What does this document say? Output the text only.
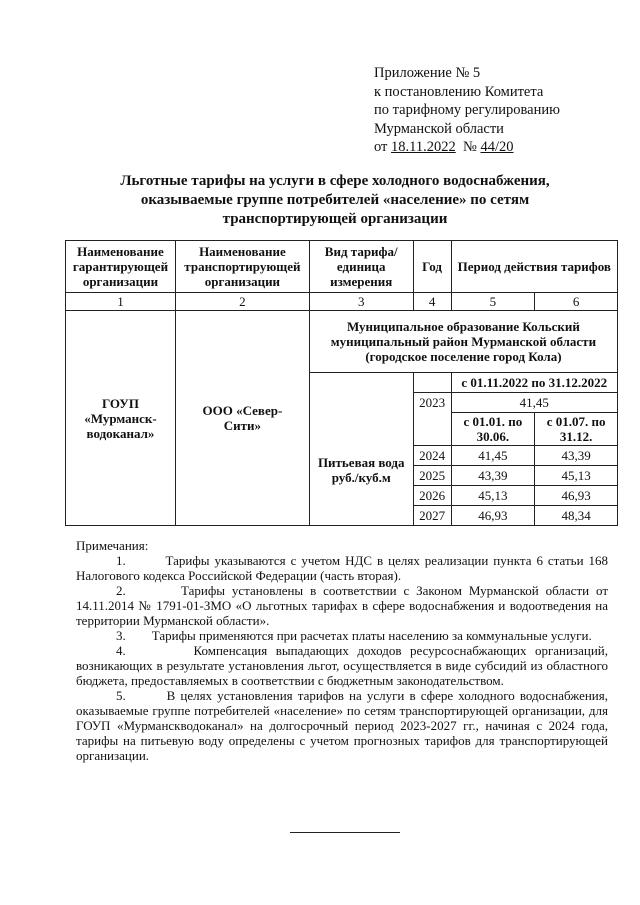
Приложение № 5
к постановлению Комитета
по тарифному регулированию
Мурманской области
от 18.11.2022  № 44/20
Льготные тарифы на услуги в сфере холодного водоснабжения,
оказываемые группе потребителей «население» по сетям
транспортирующей организации
Наименование гарантирующей организации	Наименование транспортирующей организации	Вид тарифа/ единица измерения	Год	Период действия тарифов	
1	2	3	4	5	6
ГОУП «Мурманск-водоканал»	ООО «Север-Сити»	Муниципальное образование Кольский муниципальный район Мурманской области (городское поселение город Кола)			
		Питьевая вода руб./куб.м		с 01.11.2022 по 31.12.2022	
			2023	41,45	
				с 01.01. по 30.06.	с 01.07. по 31.12.
			2024	41,45	43,39
			2025	43,39	45,13
			2026	45,13	46,93
			2027	46,93	48,34

Примечания:

1.        Тарифы указываются с учетом НДС в целях реализации пункта 6 статьи 168 Налогового кодекса Российской Федерации (часть вторая).

2.        Тарифы установлены в соответствии с Законом Мурманской области от 14.11.2014 № 1791-01-ЗМО «О льготных тарифах в сфере водоснабжения и водоотведения на территории Мурманской области».

3.        Тарифы применяются при расчетах платы населению за коммунальные услуги.

4.        Компенсация выпадающих доходов ресурсоснабжающих организаций, возникающих в результате установления льгот, осуществляется в виде субсидий из областного бюджета, предоставляемых в соответствии с бюджетным законодательством.

5.        В целях установления тарифов на услуги в сфере холодного водоснабжения, оказываемые группе потребителей «население» по сетям транспортирующей организации, для ГОУП «Мурманскводоканал» на долгосрочный период 2023-2027 гг., начиная с 2024 года, тарифы на питьевую воду определены с учетом прогнозных тарифов для транспортирующей организации.
